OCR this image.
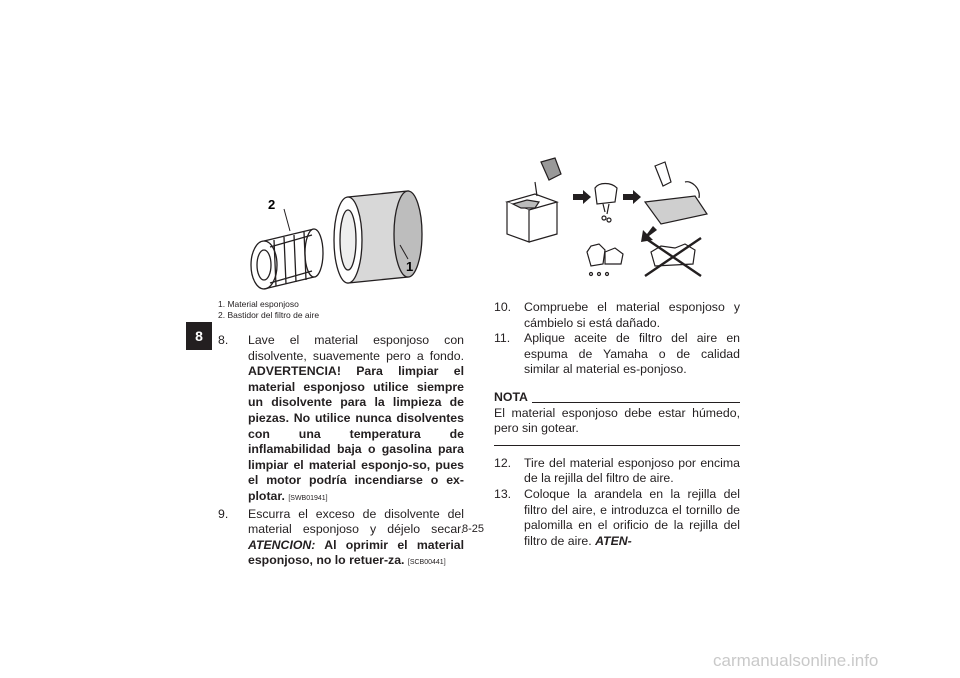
8
2
1
1. Material esponjoso
2. Bastidor del filtro de aire

8. Lave el material esponjoso con disolvente, suavemente pero a fondo. ADVERTENCIA! Para limpiar el material esponjoso utilice siempre un disolvente para la limpieza de piezas. No utilice nunca disolventes con una temperatura de inflamabilidad baja o gasolina para limpiar el material esponjo-so, pues el motor podría incendiarse o ex-plotar. [SWB01941]

9. Escurra el exceso de disolvente del material esponjoso y déjelo secar. ATENCION: Al oprimir el material esponjoso, no lo retuer-za. [SCB00441]

10. Compruebe el material esponjoso y cámbielo si está dañado.

11. Aplique aceite de filtro del aire en espuma de Yamaha o de calidad similar al material es-ponjoso.

NOTA
El material esponjoso debe estar húmedo, pero sin gotear.

12. Tire del material esponjoso por encima de la rejilla del filtro de aire.

13. Coloque la arandela en la rejilla del filtro del aire, e introduzca el tornillo de palomilla en el orificio de la rejilla del filtro de aire. ATEN-

8-25
carmanualsonline.info
